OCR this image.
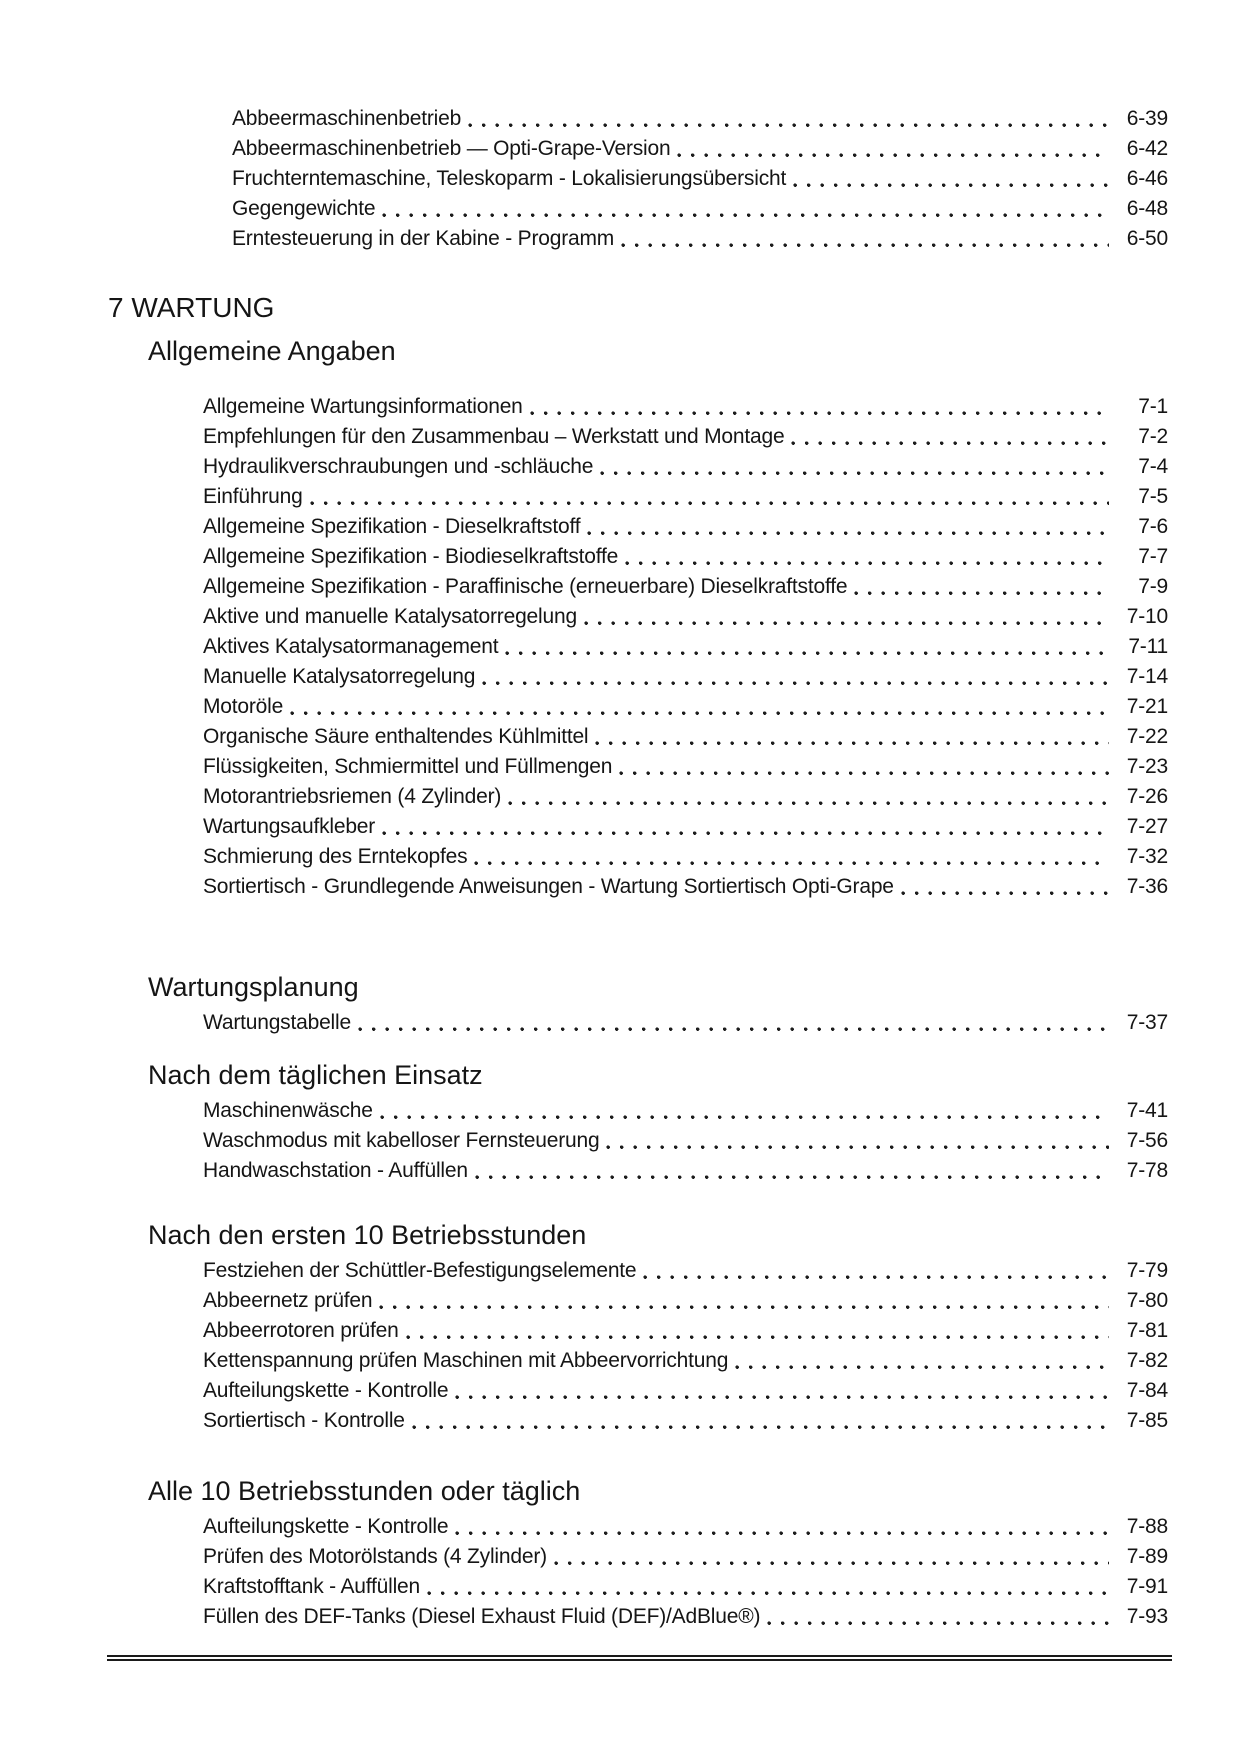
Abbeermaschinenbetrieb	6-39
Abbeermaschinenbetrieb — Opti-Grape-Version	6-42
Fruchterntemaschine, Teleskoparm - Lokalisierungsübersicht	6-46
Gegengewichte	6-48
Erntesteuerung in der Kabine - Programm	6-50
7 WARTUNG
Allgemeine Angaben
Allgemeine Wartungsinformationen	7-1
Empfehlungen für den Zusammenbau – Werkstatt und Montage	7-2
Hydraulikverschraubungen und -schläuche	7-4
Einführung	7-5
Allgemeine Spezifikation - Dieselkraftstoff	7-6
Allgemeine Spezifikation - Biodieselkraftstoffe	7-7
Allgemeine Spezifikation - Paraffinische (erneuerbare) Dieselkraftstoffe	7-9
Aktive und manuelle Katalysatorregelung	7-10
Aktives Katalysatormanagement	7-11
Manuelle Katalysatorregelung	7-14
Motoröle	7-21
Organische Säure enthaltendes Kühlmittel	7-22
Flüssigkeiten, Schmiermittel und Füllmengen	7-23
Motorantriebsriemen (4 Zylinder)	7-26
Wartungsaufkleber	7-27
Schmierung des Erntekopfes	7-32
Sortiertisch - Grundlegende Anweisungen - Wartung Sortiertisch Opti-Grape	7-36
Wartungsplanung
Wartungstabelle	7-37
Nach dem täglichen Einsatz
Maschinenwäsche	7-41
Waschmodus mit kabelloser Fernsteuerung	7-56
Handwaschstation - Auffüllen	7-78
Nach den ersten 10 Betriebsstunden
Festziehen der Schüttler-Befestigungselemente	7-79
Abbeernetz prüfen	7-80
Abbeerrotoren prüfen	7-81
Kettenspannung prüfen Maschinen mit Abbeervorrichtung	7-82
Aufteilungskette - Kontrolle	7-84
Sortiertisch - Kontrolle	7-85
Alle 10 Betriebsstunden oder täglich
Aufteilungskette - Kontrolle	7-88
Prüfen des Motorölstands (4 Zylinder)	7-89
Kraftstofftank - Auffüllen	7-91
Füllen des DEF-Tanks (Diesel Exhaust Fluid (DEF)/AdBlue®)	7-93
